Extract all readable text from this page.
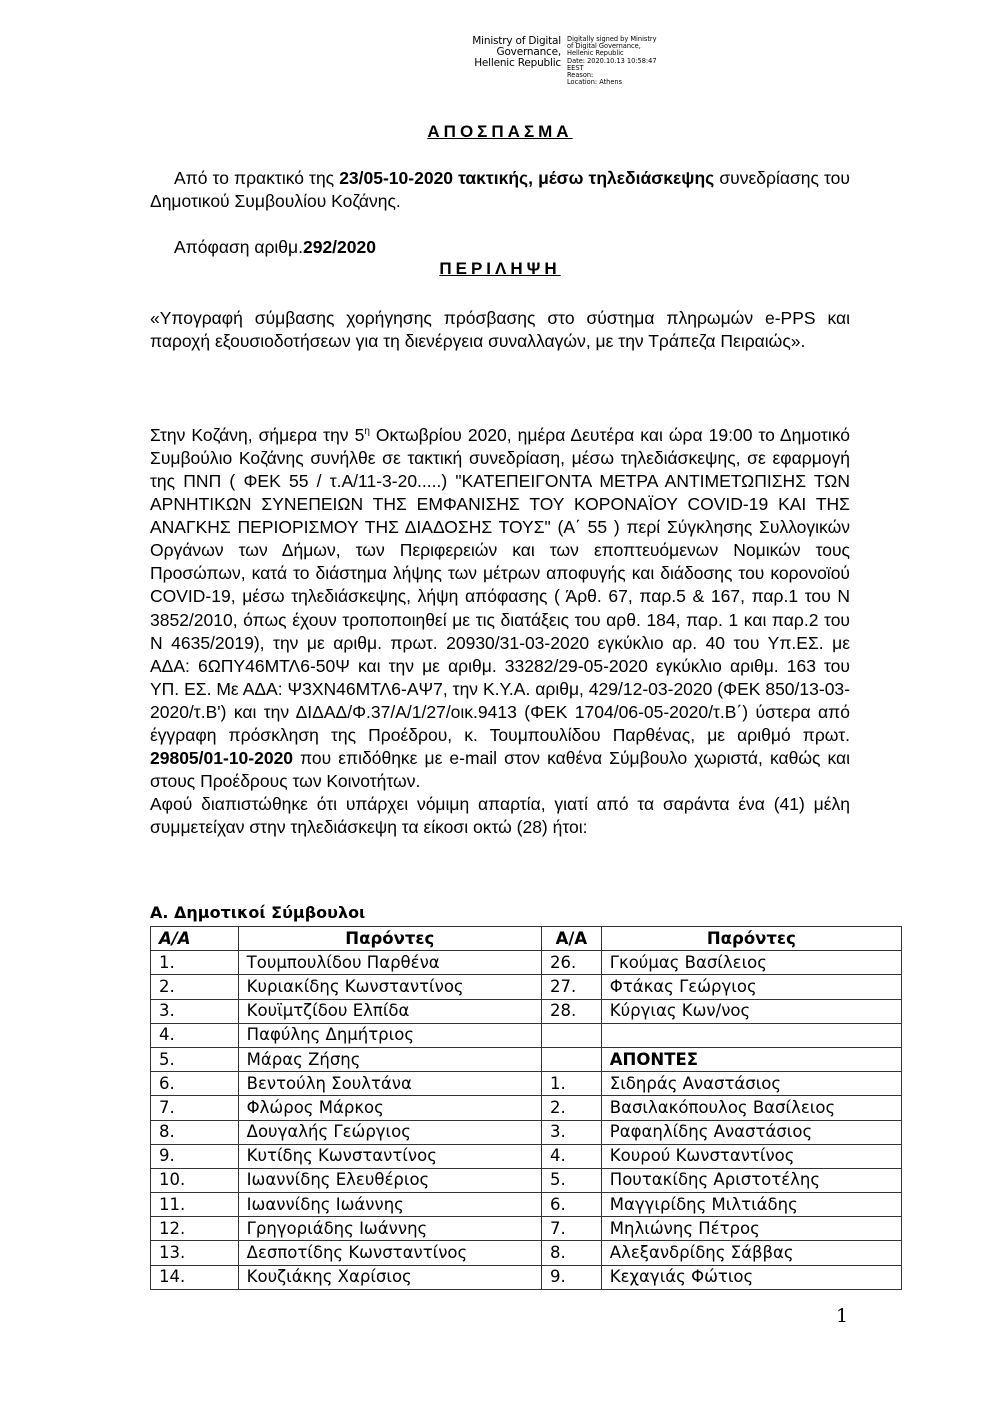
Ministry of Digital
Governance,
Hellenic Republic
Digitally signed by Ministry
of Digital Governance,
Hellenic Republic
Date: 2020.10.13 10:58:47
EEST
Reason:
Location: Athens
ΑΠΟΣΠΑΣΜΑ
Από το πρακτικό της 23/05-10-2020 τακτικής, μέσω τηλεδιάσκεψης συνεδρίασης του Δημοτικού Συμβουλίου Κοζάνης.
Απόφαση αριθμ.292/2020
ΠΕΡΙΛΗΨΗ
«Υπογραφή σύμβασης χορήγησης πρόσβασης στο σύστημα πληρωμών e-PPS και παροχή εξουσιοδοτήσεων για τη διενέργεια συναλλαγών, με την Τράπεζα Πειραιώς».
Στην Κοζάνη, σήμερα την $5^\eta$ Οκτωβρίου 2020, ημέρα Δευτέρα και ώρα 19:00 το Δημοτικό Συμβούλιο Κοζάνης συνήλθε σε τακτική συνεδρίαση, μέσω τηλεδιάσκεψης, σε εφαρμογή της ΠΝΠ ( ΦΕΚ 55 / τ.Α/11-3-20.....) "ΚΑΤΕΠΕΙΓΟΝΤΑ ΜΕΤΡΑ ΑΝΤΙΜΕΤΩΠΙΣΗΣ ΤΩΝ ΑΡΝΗΤΙΚΩΝ ΣΥΝΕΠΕΙΩΝ ΤΗΣ ΕΜΦΑΝΙΣΗΣ ΤΟΥ ΚΟΡΟΝΑΪΟΥ COVID-19 ΚΑΙ ΤΗΣ ΑΝΑΓΚΗΣ ΠΕΡΙΟΡΙΣΜΟΥ ΤΗΣ ΔΙΑΔΟΣΗΣ ΤΟΥΣ" (Α΄ 55 ) περί Σύγκλησης Συλλογικών Οργάνων των Δήμων, των Περιφερειών και των εποπτευόμενων Νομικών τους Προσώπων, κατά το διάστημα λήψης των μέτρων αποφυγής και διάδοσης του κορονοϊού COVID-19, μέσω τηλεδιάσκεψης, λήψη απόφασης ( Άρθ. 67, παρ.5 & 167, παρ.1 του Ν 3852/2010, όπως έχουν τροποποιηθεί με τις διατάξεις του αρθ. 184, παρ. 1 και παρ.2 του Ν 4635/2019), την με αριθμ. πρωτ. 20930/31-03-2020 εγκύκλιο αρ. 40 του Υπ.ΕΣ. με ΑΔΑ: 6ΩΠΥ46ΜΤΛ6-50Ψ και την με αριθμ. 33282/29-05-2020 εγκύκλιο αριθμ. 163 του ΥΠ. ΕΣ. Με ΑΔΑ: Ψ3ΧΝ46ΜΤΛ6-ΑΨ7, την Κ.Υ.Α. αριθμ, 429/12-03-2020 (ΦΕΚ 850/13-03-2020/τ.Β') και την ΔΙΔΑΔ/Φ.37/Α/1/27/οικ.9413 (ΦΕΚ 1704/06-05-2020/τ.Β΄) ύστερα από έγγραφη πρόσκληση της Προέδρου, κ. Τουμπουλίδου Παρθένας, με αριθμό πρωτ. 29805/01-10-2020 που επιδόθηκε με e-mail στον καθένα Σύμβουλο χωριστά, καθώς και στους Προέδρους των Κοινοτήτων.
Αφού διαπιστώθηκε ότι υπάρχει νόμιμη απαρτία, γιατί από τα σαράντα ένα (41) μέλη συμμετείχαν στην τηλεδιάσκεψη τα είκοσι οκτώ (28) ήτοι:
Α. Δημοτικοί Σύμβουλοι
Α/Α	Παρόντες	Α/Α	Παρόντες
1.	Τουμπουλίδου Παρθένα	26.	Γκούμας Βασίλειος
2.	Κυριακίδης Κωνσταντίνος	27.	Φτάκας Γεώργιος
3.	Κουϊμτζίδου Ελπίδα	28.	Κύργιας Κων/νος
4.	Παφύλης Δημήτριος		
5.	Μάρας Ζήσης		ΑΠΟΝΤΕΣ
6.	Βεντούλη Σουλτάνα	1.	Σιδηράς Αναστάσιος
7.	Φλώρος Μάρκος	2.	Βασιλακόπουλος Βασίλειος
8.	Δουγαλής Γεώργιος	3.	Ραφαηλίδης Αναστάσιος
9.	Κυτίδης Κωνσταντίνος	4.	Κουρού Κωνσταντίνος
10.	Ιωαννίδης Ελευθέριος	5.	Πουτακίδης Αριστοτέλης
11.	Ιωαννίδης Ιωάννης	6.	Μαγγιρίδης Μιλτιάδης
12.	Γρηγοριάδης Ιωάννης	7.	Μηλιώνης Πέτρος
13.	Δεσποτίδης Κωνσταντίνος	8.	Αλεξανδρίδης Σάββας
14.	Κουζιάκης Χαρίσιος	9.	Κεχαγιάς Φώτιος
1
